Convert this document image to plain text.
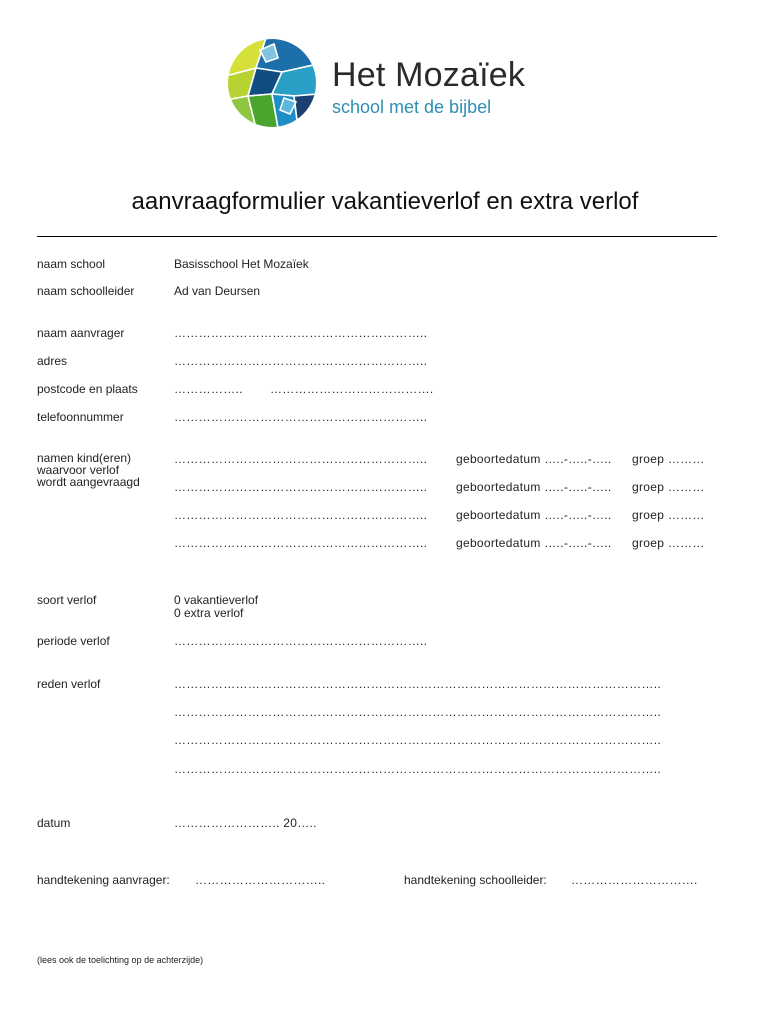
Het Mozaïek
school met de bijbel
aanvraagformulier vakantieverlof en extra verlof
naam school	Basisschool Het Mozaïek
naam schoolleider	Ad van Deursen
naam aanvrager	……………………………………………………..
adres	……………………………………………………..
postcode en plaats	…………….. ………………………………….
telefoonnummer	……………………………………………………..
namen kind(eren)
waarvoor verlof
wordt aangevraagd
…………………………………………………….. geboortedatum …..-…..-….. groep ………
…………………………………………………….. geboortedatum …..-…..-….. groep ………
…………………………………………………….. geboortedatum …..-…..-….. groep ………
…………………………………………………….. geboortedatum …..-…..-….. groep ………
soort verlof	0 vakantieverlof
0 extra verlof
periode verlof	……………………………………………………..
reden verlof	………………………………………………………………………………………………………..
………………………………………………………………………………………………………..
………………………………………………………………………………………………………..
………………………………………………………………………………………………………..
datum	…………………….. 20…..
handtekening aanvrager: …………………………..	handtekening schoolleider: ………………………….
(lees ook de toelichting op de achterzijde)
